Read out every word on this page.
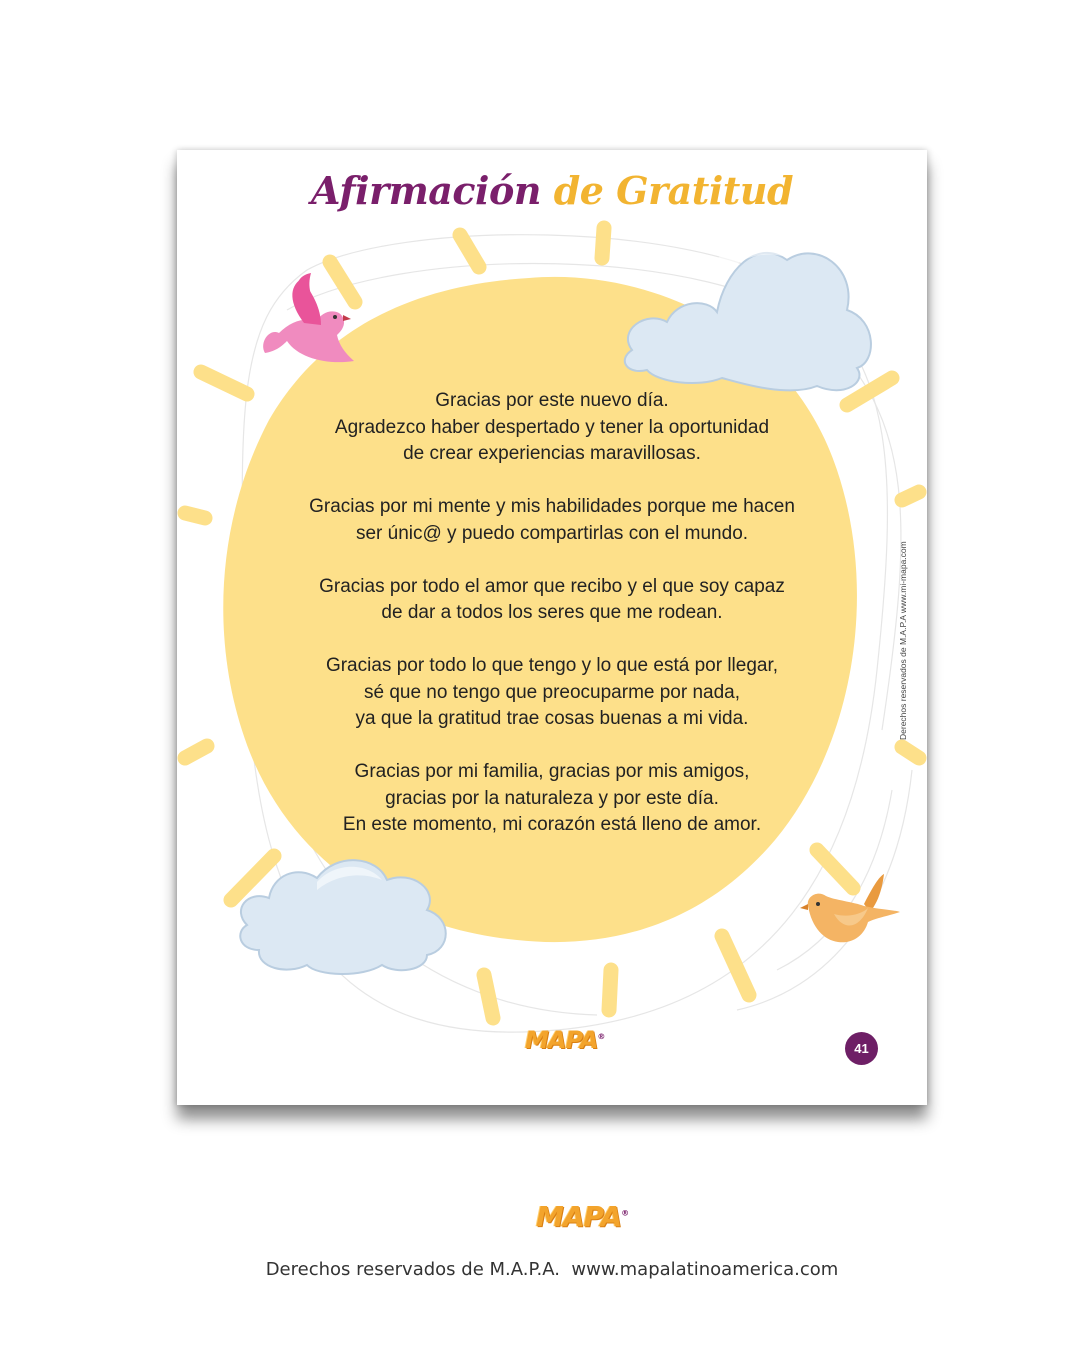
Afirmación de Gratitud

Gracias por este nuevo día.
Agradezco haber despertado y tener la oportunidad
de crear experiencias maravillosas.

Gracias por mi mente y mis habilidades porque me hacen
ser únic@ y puedo compartirlas con el mundo.

Gracias por todo el amor que recibo y el que soy capaz
de dar a todos los seres que me rodean.

Gracias por todo lo que tengo y lo que está por llegar,
sé que no tengo que preocuparme por nada,
ya que la gratitud trae cosas buenas a mi vida.

Gracias por mi familia, gracias por mis amigos,
gracias por la naturaleza y por este día.
En este momento, mi corazón está lleno de amor.

Derechos reservados de M.A.P.A www.mi-mapa.com
MAPA®
41
MAPA®
Derechos reservados de M.A.P.A.  www.mapalatinoamerica.com
